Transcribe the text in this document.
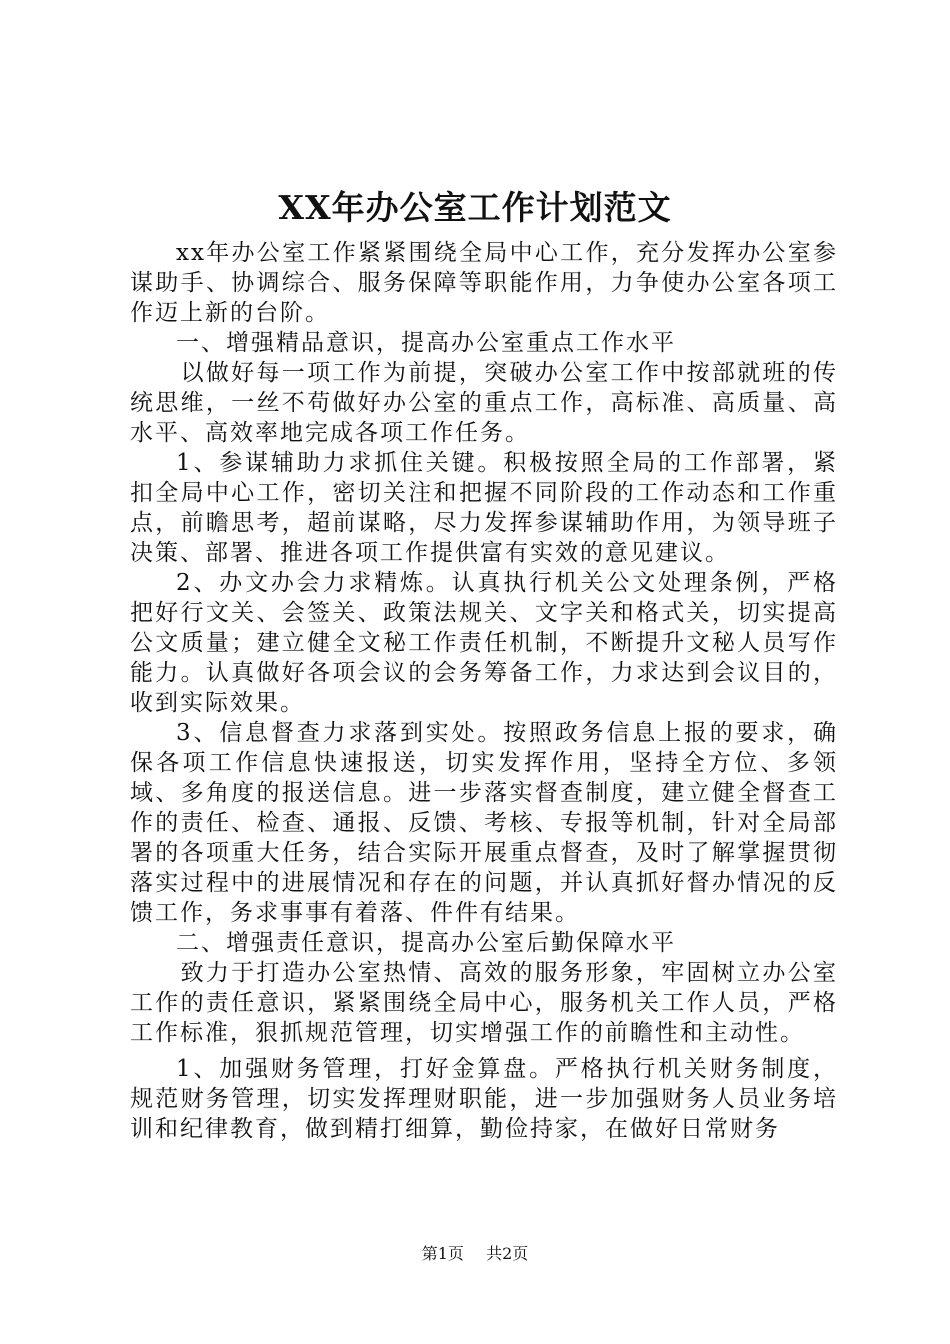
XX年办公室工作计划范文

xx年办公室工作紧紧围绕全局中心工作，充分发挥办公室参谋助手、协调综合、服务保障等职能作用，力争使办公室各项工作迈上新的台阶。

一、增强精品意识，提高办公室重点工作水平

以做好每一项工作为前提，突破办公室工作中按部就班的传统思维，一丝不苟做好办公室的重点工作，高标准、高质量、高水平、高效率地完成各项工作任务。

1、参谋辅助力求抓住关键。积极按照全局的工作部署，紧扣全局中心工作，密切关注和把握不同阶段的工作动态和工作重点，前瞻思考，超前谋略，尽力发挥参谋辅助作用，为领导班子决策、部署、推进各项工作提供富有实效的意见建议。

2、办文办会力求精炼。认真执行机关公文处理条例，严格把好行文关、会签关、政策法规关、文字关和格式关，切实提高公文质量；建立健全文秘工作责任机制，不断提升文秘人员写作能力。认真做好各项会议的会务筹备工作，力求达到会议目的，收到实际效果。

3、信息督查力求落到实处。按照政务信息上报的要求，确保各项工作信息快速报送，切实发挥作用，坚持全方位、多领域、多角度的报送信息。进一步落实督查制度，建立健全督查工作的责任、检查、通报、反馈、考核、专报等机制，针对全局部署的各项重大任务，结合实际开展重点督查，及时了解掌握贯彻落实过程中的进展情况和存在的问题，并认真抓好督办情况的反馈工作，务求事事有着落、件件有结果。

二、增强责任意识，提高办公室后勤保障水平

致力于打造办公室热情、高效的服务形象，牢固树立办公室工作的责任意识，紧紧围绕全局中心，服务机关工作人员，严格工作标准，狠抓规范管理，切实增强工作的前瞻性和主动性。

1、加强财务管理，打好金算盘。严格执行机关财务制度，规范财务管理，切实发挥理财职能，进一步加强财务人员业务培训和纪律教育，做到精打细算，勤俭持家，在做好日常财务

第1页 共2页
